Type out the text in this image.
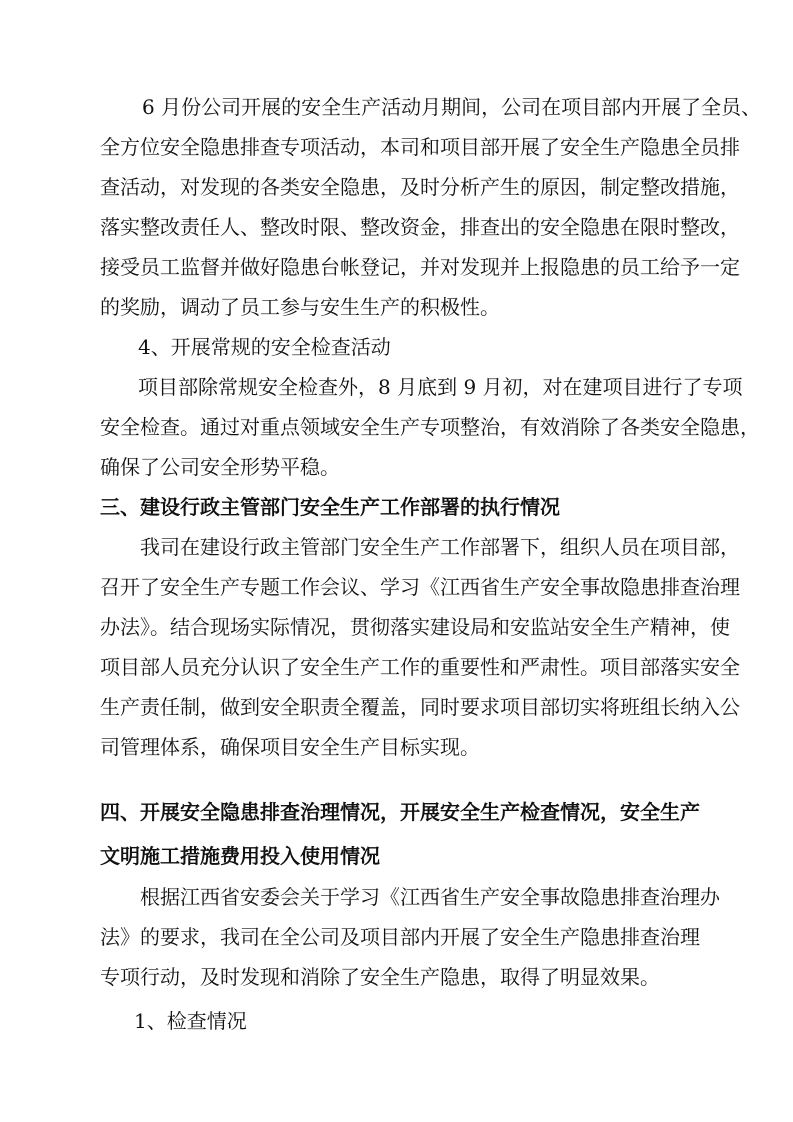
6 月份公司开展的安全生产活动月期间，公司在项目部内开展了全员、
全方位安全隐患排查专项活动，本司和项目部开展了安全生产隐患全员排
查活动，对发现的各类安全隐患，及时分析产生的原因，制定整改措施，
落实整改责任人、整改时限、整改资金，排查出的安全隐患在限时整改，
接受员工监督并做好隐患台帐登记，并对发现并上报隐患的员工给予一定
的奖励，调动了员工参与安生生产的积极性。
4、开展常规的安全检查活动
项目部除常规安全检查外，8 月底到 9 月初，对在建项目进行了专项
安全检查。通过对重点领域安全生产专项整治，有效消除了各类安全隐患，
确保了公司安全形势平稳。
三、建设行政主管部门安全生产工作部署的执行情况
我司在建设行政主管部门安全生产工作部署下，组织人员在项目部，
召开了安全生产专题工作会议、学习《江西省生产安全事故隐患排查治理
办法》。结合现场实际情况，贯彻落实建设局和安监站安全生产精神，使
项目部人员充分认识了安全生产工作的重要性和严肃性。项目部落实安全
生产责任制，做到安全职责全覆盖，同时要求项目部切实将班组长纳入公
司管理体系，确保项目安全生产目标实现。
四、开展安全隐患排查治理情况，开展安全生产检查情况，安全生产
文明施工措施费用投入使用情况
根据江西省安委会关于学习《江西省生产安全事故隐患排查治理办
法》的要求，我司在全公司及项目部内开展了安全生产隐患排查治理
专项行动，及时发现和消除了安全生产隐患，取得了明显效果。
1、检查情况
